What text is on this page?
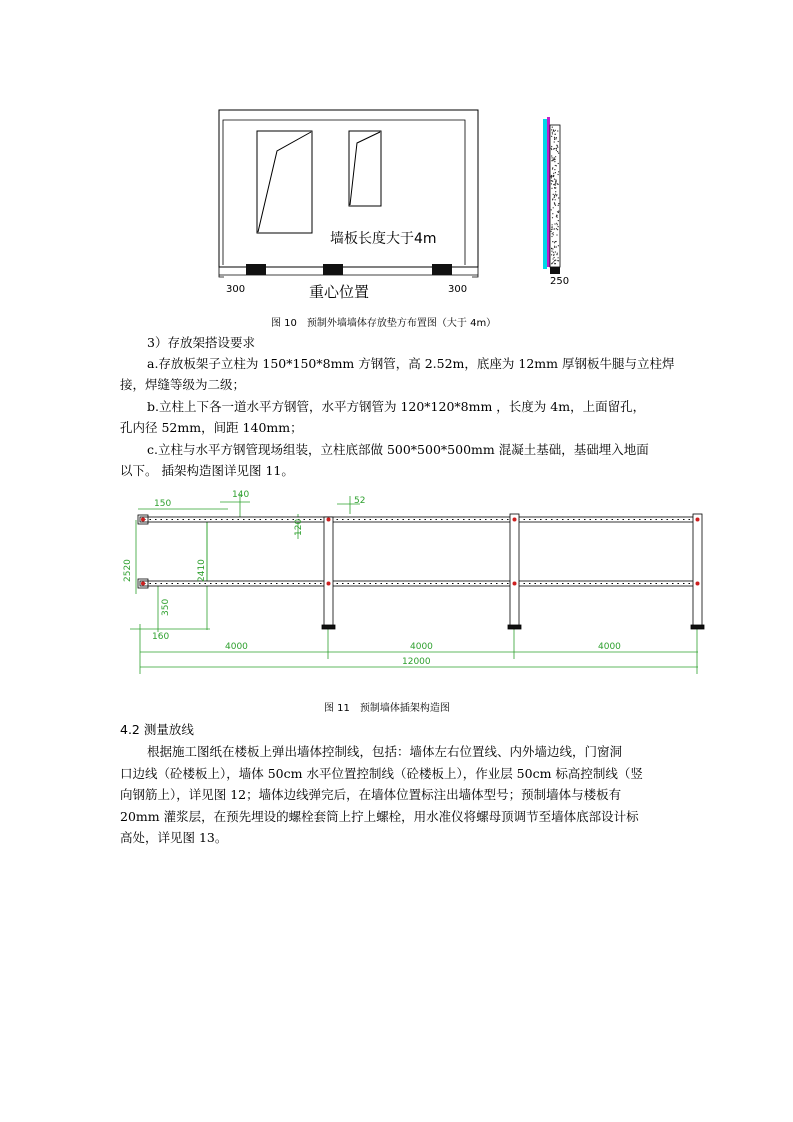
墙板长度大于4m
重心位置
300	300
250
图 10　预制外墙墙体存放垫方布置图（大于 4m）
3）存放架搭设要求
a.存放板架子立柱为 150*150*8mm 方钢管，高 2.52m，底座为 12mm 厚钢板牛腿与立柱焊
接，焊缝等级为二级；
b.立柱上下各一道水平方钢管，水平方钢管为 120*120*8mm ，长度为 4m，上面留孔，
孔内径 52mm，间距 140mm；
c.立柱与水平方钢管现场组装，立柱底部做 500*500*500mm 混凝土基础，基础埋入地面
以下。 插架构造图详见图 11。
150
140
52
120
2520	2410
350
160
4000	4000	4000
12000
图 11　预制墙体插架构造图
4.2 测量放线
根据施工图纸在楼板上弹出墙体控制线，包括：墙体左右位置线、内外墙边线，门窗洞
口边线（砼楼板上），墙体 50cm 水平位置控制线（砼楼板上），作业层 50cm 标高控制线（竖
向钢筋上），详见图 12；墙体边线弹完后，在墙体位置标注出墙体型号；预制墙体与楼板有
20mm 灌浆层，在预先埋设的螺栓套筒上拧上螺栓，用水准仪将螺母顶调节至墙体底部设计标
高处，详见图 13。
